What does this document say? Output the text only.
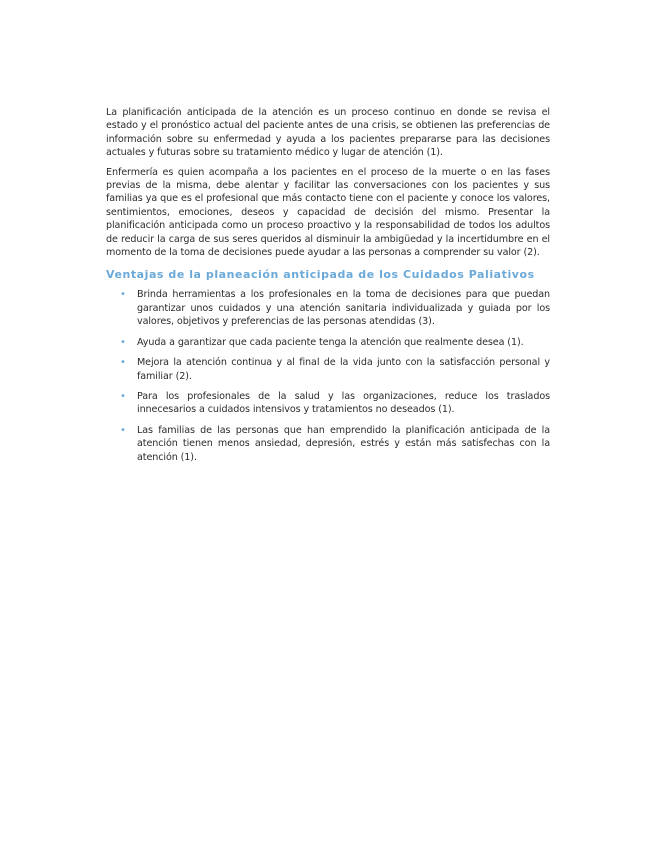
La planificación anticipada de la atención es un proceso continuo en donde se revisa el estado y el pronóstico actual del paciente antes de una crisis, se obtienen las preferencias de información sobre su enfermedad y ayuda a los pacientes prepararse para las decisiones actuales y futuras sobre su tratamiento médico y lugar de atención (1).

Enfermería es quien acompaña a los pacientes en el proceso de la muerte o en las fases previas de la misma, debe alentar y facilitar las conversaciones con los pacientes y sus familias ya que es el profesional que más contacto tiene con el paciente y conoce los valores, sentimientos, emociones, deseos y capacidad de decisión del mismo. Presentar la planificación anticipada como un proceso proactivo y la responsabilidad de todos los adultos de reducir la carga de sus seres queridos al disminuir la ambigüedad y la incertidumbre en el momento de la toma de decisiones puede ayudar a las personas a comprender su valor (2).

Ventajas de la planeación anticipada de los Cuidados Paliativos
• Brinda herramientas a los profesionales en la toma de decisiones para que puedan garantizar unos cuidados y una atención sanitaria individualizada y guiada por los valores, objetivos y preferencias de las personas atendidas (3).
• Ayuda a garantizar que cada paciente tenga la atención que realmente desea (1).
• Mejora la atención continua y al final de la vida junto con la satisfacción personal y familiar (2).
• Para los profesionales de la salud y las organizaciones, reduce los traslados innecesarios a cuidados intensivos y tratamientos no deseados (1).
• Las familias de las personas que han emprendido la planificación anticipada de la atención tienen menos ansiedad, depresión, estrés y están más satisfechas con la atención (1).
